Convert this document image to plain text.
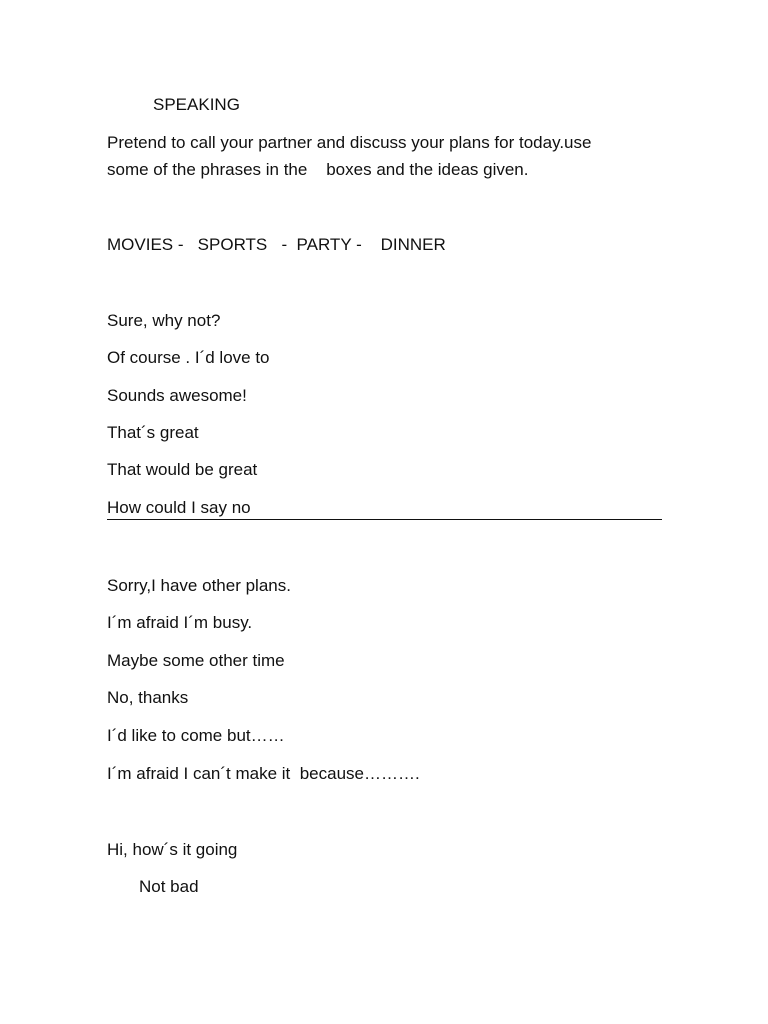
SPEAKING
Pretend to call your partner and discuss your plans for today.use
some of the phrases in the    boxes and the ideas given.
MOVIES -   SPORTS   -  PARTY -    DINNER
Sure, why not?
Of course . I´d love to
Sounds awesome!
That´s great
That would be great
How could I say no
Sorry,I have other plans.
I´m afraid I´m busy.
Maybe some other time
No, thanks
I´d like to come but……
I´m afraid I can´t make it  because……….
Hi, how´s it going
Not bad
